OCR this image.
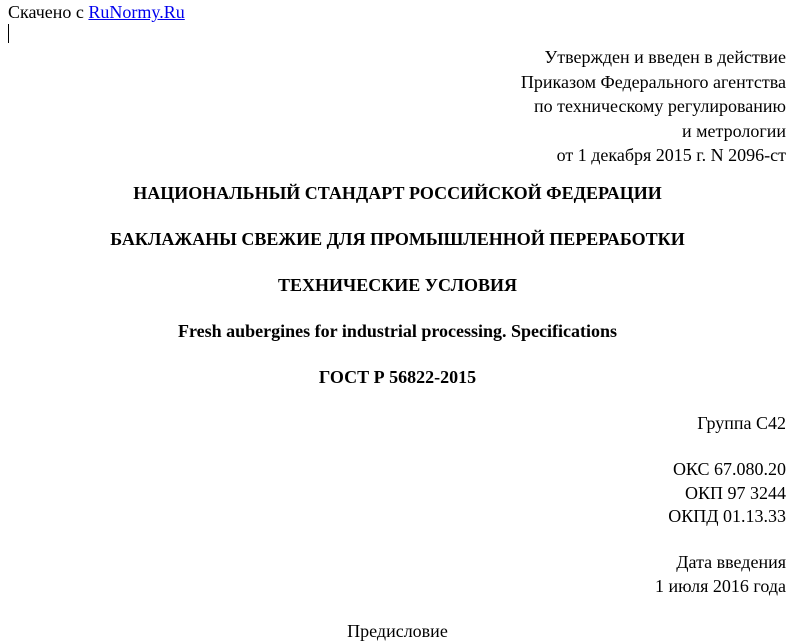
Скачено с RuNormy.Ru
Утвержден и введен в действие
Приказом Федерального агентства
по техническому регулированию
и метрологии
от 1 декабря 2015 г. N 2096-ст
НАЦИОНАЛЬНЫЙ СТАНДАРТ РОССИЙСКОЙ ФЕДЕРАЦИИ
БАКЛАЖАНЫ СВЕЖИЕ ДЛЯ ПРОМЫШЛЕННОЙ ПЕРЕРАБОТКИ
ТЕХНИЧЕСКИЕ УСЛОВИЯ
Fresh aubergines for industrial processing. Specifications
ГОСТ Р 56822-2015
Группа С42
ОКС 67.080.20
ОКП 97 3244
ОКПД 01.13.33
Дата введения
1 июля 2016 года
Предисловие
